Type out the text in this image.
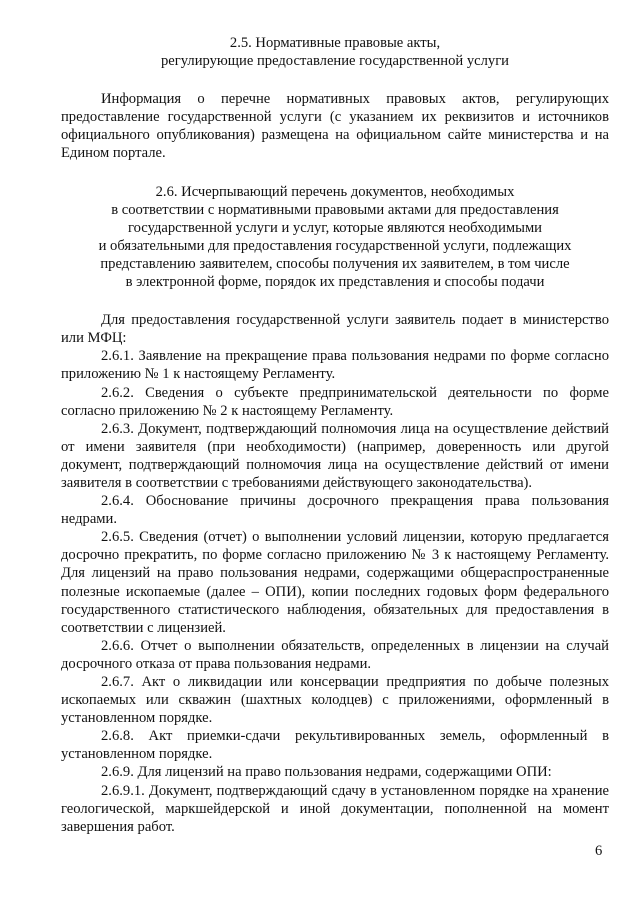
2.5. Нормативные правовые акты,
регулирующие предоставление государственной услуги
Информация о перечне нормативных правовых актов, регулирующих предоставление государственной услуги (с указанием их реквизитов и источников официального опубликования) размещена на официальном сайте министерства и на Едином портале.
2.6. Исчерпывающий перечень документов, необходимых
в соответствии с нормативными правовыми актами для предоставления
государственной услуги и услуг, которые являются необходимыми
и обязательными для предоставления государственной услуги, подлежащих
представлению заявителем, способы получения их заявителем, в том числе
в электронной форме, порядок их представления и способы подачи
Для предоставления государственной услуги заявитель подает в министерство или МФЦ:
2.6.1. Заявление на прекращение права пользования недрами по форме согласно приложению № 1 к настоящему Регламенту.
2.6.2. Сведения о субъекте предпринимательской деятельности по форме согласно приложению № 2 к настоящему Регламенту.
2.6.3. Документ, подтверждающий полномочия лица на осуществление действий от имени заявителя (при необходимости) (например, доверенность или другой документ, подтверждающий полномочия лица на осуществление действий от имени заявителя в соответствии с требованиями действующего законодательства).
2.6.4. Обоснование причины досрочного прекращения права пользования недрами.
2.6.5. Сведения (отчет) о выполнении условий лицензии, которую предлагается досрочно прекратить, по форме согласно приложению № 3 к настоящему Регламенту. Для лицензий на право пользования недрами, содержащими общераспространенные полезные ископаемые (далее – ОПИ), копии последних годовых форм федерального государственного статистического наблюдения, обязательных для предоставления в соответствии с лицензией.
2.6.6. Отчет о выполнении обязательств, определенных в лицензии на случай досрочного отказа от права пользования недрами.
2.6.7. Акт о ликвидации или консервации предприятия по добыче полезных ископаемых или скважин (шахтных колодцев) с приложениями, оформленный в установленном порядке.
2.6.8. Акт приемки-сдачи рекультивированных земель, оформленный в установленном порядке.
2.6.9. Для лицензий на право пользования недрами, содержащими ОПИ:
2.6.9.1. Документ, подтверждающий сдачу в установленном порядке на хранение геологической, маркшейдерской и иной документации, пополненной на момент завершения работ.
6
